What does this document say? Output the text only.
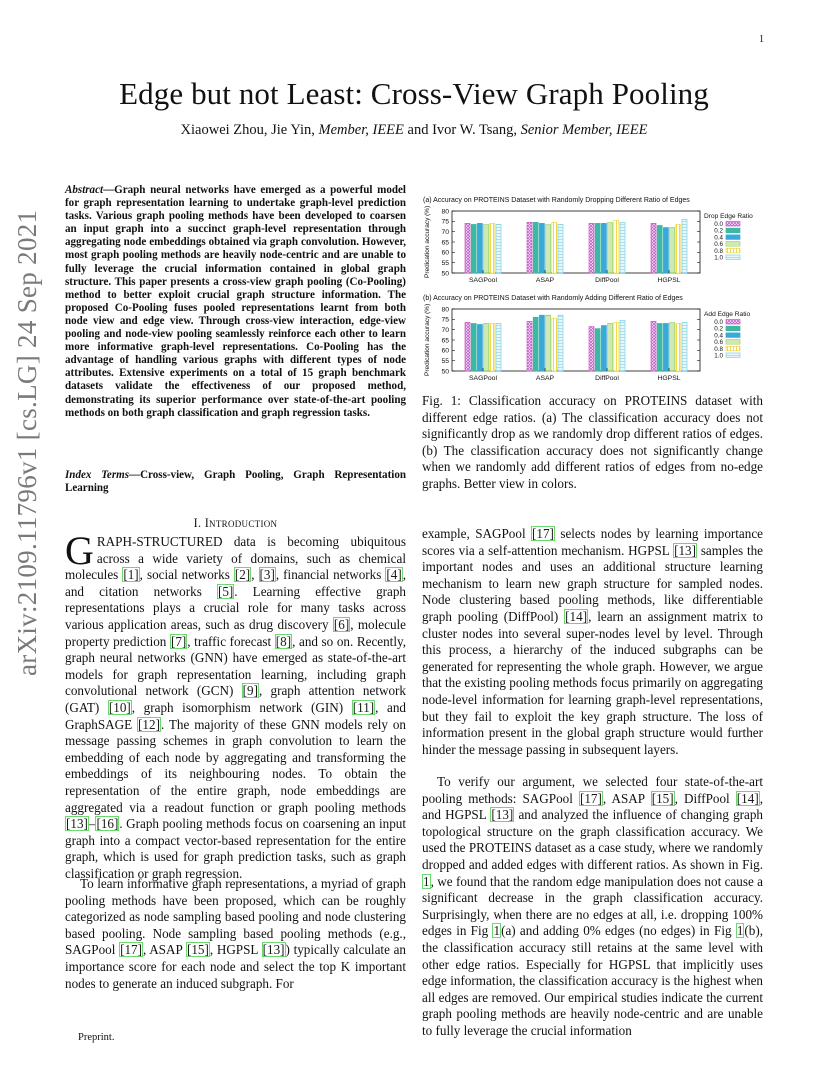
1
Edge but not Least: Cross-View Graph Pooling
Xiaowei Zhou, Jie Yin, Member, IEEE and Ivor W. Tsang, Senior Member, IEEE
arXiv:2109.11796v1 [cs.LG] 24 Sep 2021
Abstract—Graph neural networks have emerged as a powerful model for graph representation learning to undertake graph-level prediction tasks. Various graph pooling methods have been developed to coarsen an input graph into a succinct graph-level representation through aggregating node embeddings obtained via graph convolution. However, most graph pooling methods are heavily node-centric and are unable to fully leverage the crucial information contained in global graph structure. This paper presents a cross-view graph pooling (Co-Pooling) method to better exploit crucial graph structure information. The proposed Co-Pooling fuses pooled representations learnt from both node view and edge view. Through cross-view interaction, edge-view pooling and node-view pooling seamlessly reinforce each other to learn more informative graph-level representations. Co-Pooling has the advantage of handling various graphs with different types of node attributes. Extensive experiments on a total of 15 graph benchmark datasets validate the effectiveness of our proposed method, demonstrating its superior performance over state-of-the-art pooling methods on both graph classification and graph regression tasks.
Index Terms—Cross-view, Graph Pooling, Graph Representation Learning
I. Introduction
GRAPH-STRUCTURED data is becoming ubiquitous across a wide variety of domains, such as chemical molecules [1], social networks [2], [3], financial networks [4], and citation networks [5]. Learning effective graph representations plays a crucial role for many tasks across various application areas, such as drug discovery [6], molecule property prediction [7], traffic forecast [8], and so on. Recently, graph neural networks (GNN) have emerged as state-of-the-art models for graph representation learning, including graph convolutional network (GCN) [9], graph attention network (GAT) [10], graph isomorphism network (GIN) [11], and GraphSAGE [12]. The majority of these GNN models rely on message passing schemes in graph convolution to learn the embedding of each node by aggregating and transforming the embeddings of its neighbouring nodes. To obtain the representation of the entire graph, node embeddings are aggregated via a readout function or graph pooling methods [13]–[16]. Graph pooling methods focus on coarsening an input graph into a compact vector-based representation for the entire graph, which is used for graph prediction tasks, such as graph classification or graph regression.
To learn informative graph representations, a myriad of graph pooling methods have been proposed, which can be roughly categorized as node sampling based pooling and node clustering based pooling. Node sampling based pooling methods (e.g., SAGPool [17], ASAP [15], HGPSL [13]) typically calculate an importance score for each node and select the top K important nodes to generate an induced subgraph. For
example, SAGPool [17] selects nodes by learning importance scores via a self-attention mechanism. HGPSL [13] samples the important nodes and uses an additional structure learning mechanism to learn new graph structure for sampled nodes. Node clustering based pooling methods, like differentiable graph pooling (DiffPool) [14], learn an assignment matrix to cluster nodes into several super-nodes level by level. Through this process, a hierarchy of the induced subgraphs can be generated for representing the whole graph. However, we argue that the existing pooling methods focus primarily on aggregating node-level information for learning graph-level representations, but they fail to exploit the key graph structure. The loss of information present in the global graph structure would further hinder the message passing in subsequent layers.
To verify our argument, we selected four state-of-the-art pooling methods: SAGPool [17], ASAP [15], DiffPool [14], and HGPSL [13] and analyzed the influence of changing graph topological structure on the graph classification accuracy. We used the PROTEINS dataset as a case study, where we randomly dropped and added edges with different ratios. As shown in Fig. 1, we found that the random edge manipulation does not cause a significant decrease in the graph classification accuracy. Surprisingly, when there are no edges at all, i.e. dropping 100% edges in Fig 1(a) and adding 0% edges (no edges) in Fig 1(b), the classification accuracy still retains at the same level with other edge ratios. Especially for HGPSL that implicitly uses edge information, the classification accuracy is the highest when all edges are removed. Our empirical studies indicate the current graph pooling methods are heavily node-centric and are unable to fully leverage the crucial information
Preprint.
(a) Accuracy on PROTEINS Dataset with Randomly Dropping Different Ratio of Edges
Predication accuracy (%) 50
55
60
65
70
75
80
SAGPool	ASAP	DiffPool	HGPSL
Drop Edge Ratio
0.0
0.2
0.4
0.6
0.8
1.0
(b) Accuracy on PROTEINS Dataset with Randomly Adding Different Ratio of Edges
Predication accuracy (%) 50
55
60
65
70
75
80
SAGPool	ASAP	DiffPool	HGPSL
Add Edge Ratio
0.0
0.2
0.4
0.6
0.8
1.0
Fig. 1: Classification accuracy on PROTEINS dataset with different edge ratios. (a) The classification accuracy does not significantly drop as we randomly drop different ratios of edges. (b) The classification accuracy does not significantly change when we randomly add different ratios of edges from no-edge graphs. Better view in colors.
